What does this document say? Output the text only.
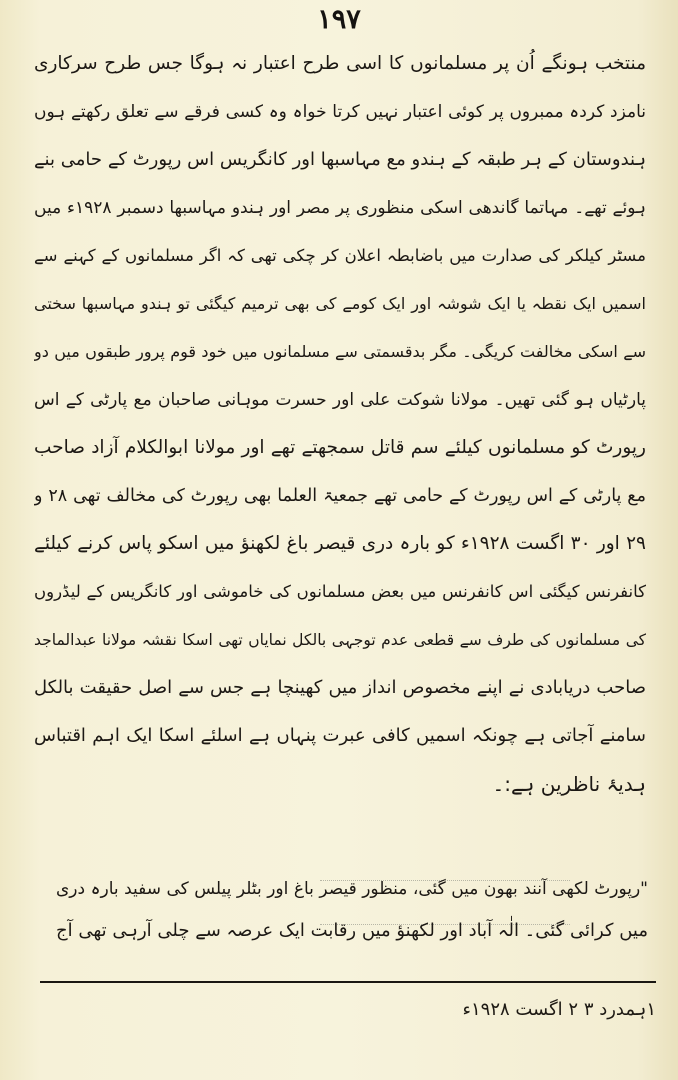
۱۹۷
منتخب ہونگے اُن پر مسلمانوں کا اسی طرح اعتبار نہ ہوگا جس طرح سرکاری
نامزد کردہ ممبروں پر کوئی اعتبار نہیں کرتا خواہ وہ کسی فرقے سے تعلق رکھتے ہوں
ہندوستان کے ہر طبقہ کے ہندو مع مہاسبھا اور کانگریس اس رپورٹ کے حامی بنے
ہوئے تھے۔ مہاتما گاندھی اسکی منظوری پر مصر اور ہندو مہاسبھا دسمبر ۱۹۲۸ء میں
مسٹر کیلکر کی صدارت میں باضابطہ اعلان کر چکی تھی کہ اگر مسلمانوں کے کہنے سے
اسمیں ایک نقطہ یا ایک شوشہ اور ایک کومے کی بھی ترمیم کیگئی تو ہندو مہاسبھا سختی
سے اسکی مخالفت کریگی۔ مگر بدقسمتی سے مسلمانوں میں خود قوم پرور طبقوں میں دو
پارٹیاں ہو گئی تھیں۔ مولانا شوکت علی اور حسرت موہانی صاحبان مع پارٹی کے اس
رپورٹ کو مسلمانوں کیلئے سم قاتل سمجھتے تھے اور مولانا ابوالکلام آزاد صاحب
مع پارٹی کے اس رپورٹ کے حامی تھے جمعیۃ العلما بھی رپورٹ کی مخالف تھی ۲۸ و
۲۹ اور ۳۰ اگست ۱۹۲۸ء کو بارہ دری قیصر باغ لکھنؤ میں اسکو پاس کرنے کیلئے
کانفرنس کیگئی اس کانفرنس میں بعض مسلمانوں کی خاموشی اور کانگریس کے لیڈروں
کی مسلمانوں کی طرف سے قطعی عدم توجہی بالکل نمایاں تھی اسکا نقشہ مولانا عبدالماجد
صاحب دریابادی نے اپنے مخصوص انداز میں کھینچا ہے جس سے اصل حقیقت بالکل
سامنے آجاتی ہے چونکہ اسمیں کافی عبرت پنہاں ہے اسلئے اسکا ایک اہم اقتباس
ہدیۂ ناظرین ہے:۔
"رپورٹ لکھی آنند بھون میں گئی، منظور قیصر باغ اور بٹلر پیلس کی سفید بارہ دری
میں کرائی گئی۔ الٰہ آباد اور لکھنؤ میں رقابت ایک عرصہ سے چلی آرہی تھی آج
۱ہمدرد ۳ ۲ اگست ۱۹۲۸ء
